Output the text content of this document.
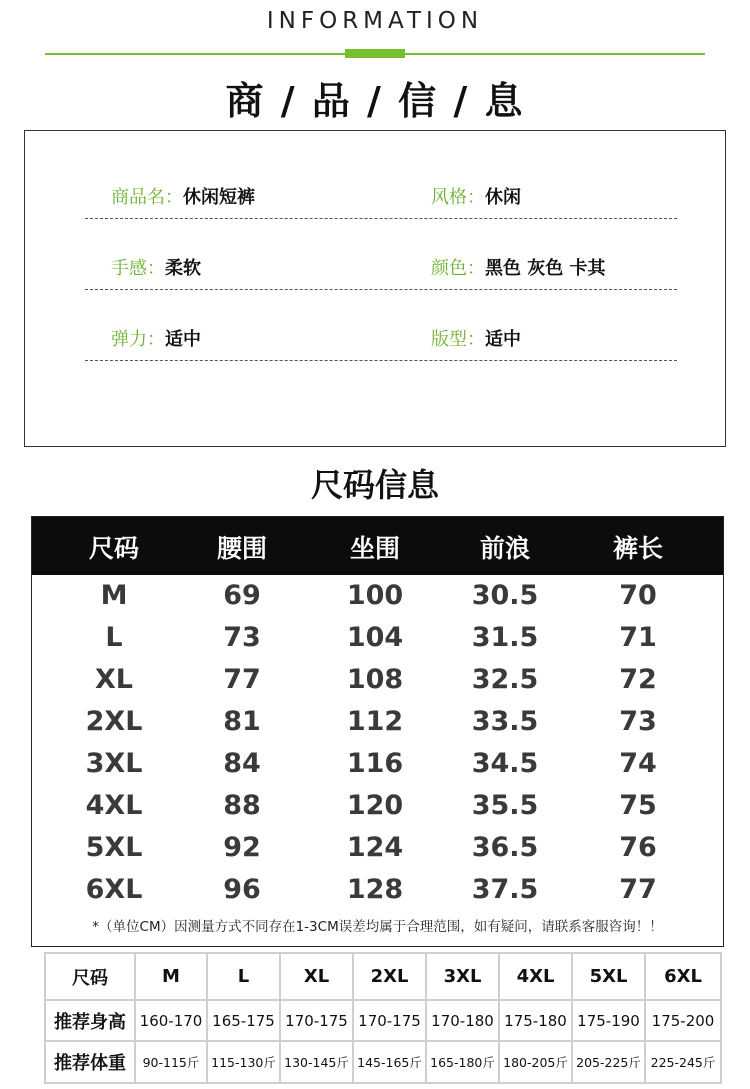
INFORMATION
商 / 品 / 信 / 息
商品名：休闲短裤	风格：休闲
手感：柔软	颜色：黑色 灰色 卡其
弹力：适中	版型：适中
尺码信息
尺码	腰围	坐围	前浪	裤长
M	69	100	30.5	70
L	73	104	31.5	71
XL	77	108	32.5	72
2XL	81	112	33.5	73
3XL	84	116	34.5	74
4XL	88	120	35.5	75
5XL	92	124	36.5	76
6XL	96	128	37.5	77
*（单位CM）因测量方式不同存在1-3CM误差均属于合理范围，如有疑问，请联系客服咨询！！
尺码	M	L	XL	2XL	3XL	4XL	5XL	6XL
推荐身高	160-170	165-175	170-175	170-175	170-180	175-180	175-190	175-200
推荐体重	90-115斤	115-130斤	130-145斤	145-165斤	165-180斤	180-205斤	205-225斤	225-245斤
